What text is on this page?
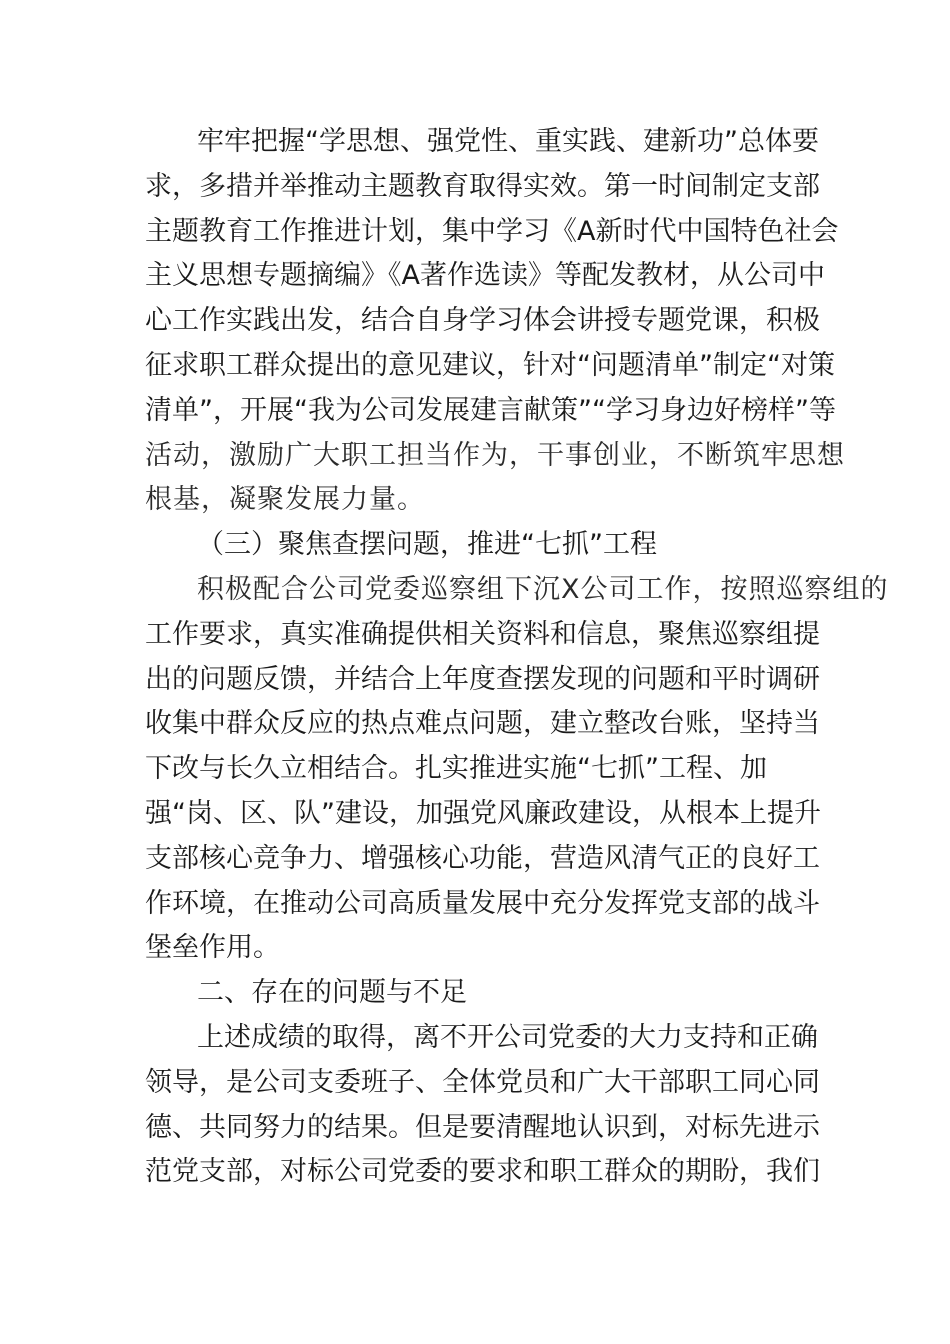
牢牢把握“学思想、强党性、重实践、建新功”总体要
求，多措并举推动主题教育取得实效。第一时间制定支部
主题教育工作推进计划，集中学习《A新时代中国特色社会
主义思想专题摘编》《A著作选读》等配发教材，从公司中
心工作实践出发，结合自身学习体会讲授专题党课，积极
征求职工群众提出的意见建议，针对“问题清单”制定“对策
清单”，开展“我为公司发展建言献策”“学习身边好榜样”等
活动，激励广大职工担当作为，干事创业，不断筑牢思想
根基，凝聚发展力量。
（三）聚焦查摆问题，推进“七抓”工程
积极配合公司党委巡察组下沉X公司工作，按照巡察组的
工作要求，真实准确提供相关资料和信息，聚焦巡察组提
出的问题反馈，并结合上年度查摆发现的问题和平时调研
收集中群众反应的热点难点问题，建立整改台账，坚持当
下改与长久立相结合。扎实推进实施“七抓”工程、加
强“岗、区、队”建设，加强党风廉政建设，从根本上提升
支部核心竞争力、增强核心功能，营造风清气正的良好工
作环境，在推动公司高质量发展中充分发挥党支部的战斗
堡垒作用。
二、存在的问题与不足
上述成绩的取得，离不开公司党委的大力支持和正确
领导，是公司支委班子、全体党员和广大干部职工同心同
德、共同努力的结果。但是要清醒地认识到，对标先进示
范党支部，对标公司党委的要求和职工群众的期盼，我们
